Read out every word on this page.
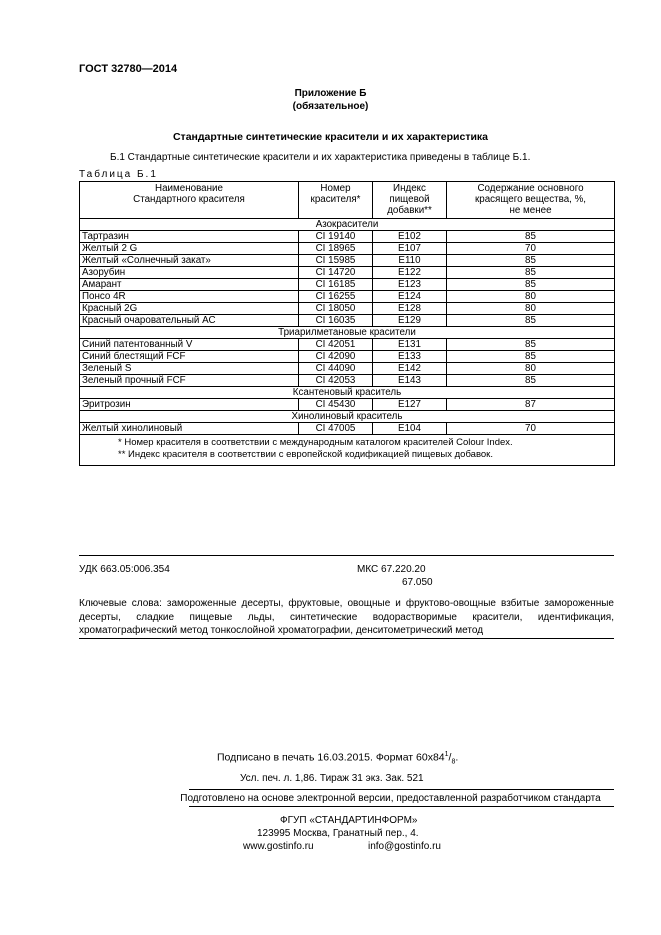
ГОСТ 32780—2014
Приложение Б
(обязательное)
Стандартные синтетические красители и их характеристика
Б.1 Стандартные синтетические красители и их характеристика приведены в таблице Б.1.
Таблица Б.1
Наименование Стандартного красителя	Номер красителя*	Индекс пищевой добавки**	Содержание основного красящего вещества, %, не менее
Азокрасители			
Тартразин	CI 19140	E102	85
Желтый 2 G	CI 18965	E107	70
Желтый «Солнечный закат»	CI 15985	E110	85
Азорубин	CI 14720	E122	85
Амарант	CI 16185	E123	85
Понсо 4R	CI 16255	E124	80
Красный 2G	CI 18050	E128	80
Красный очаровательный АС	CI 16035	E129	85
Триарилметановые красители			
Синий патентованный V	CI 42051	E131	85
Синий блестящий FCF	CI 42090	E133	85
Зеленый S	CI 44090	E142	80
Зеленый прочный FCF	CI 42053	E143	85
Ксантеновый краситель			
Эритрозин	CI 45430	E127	87
Хинолиновый краситель			
Желтый хинолиновый	CI 47005	E104	70

* Номер красителя в соответствии с международным каталогом красителей Colour Index.
** Индекс красителя в соответствии с европейской кодификацией пищевых добавок.			
УДК 663.05:006.354	МКС 67.220.20
67.050
Ключевые слова: замороженные десерты, фруктовые, овощные и фруктово-овощные взбитые замороженные десерты, сладкие пищевые льды, синтетические водорастворимые красители, идентификация, хроматографический метод тонкослойной хроматографии, денситометрический метод
Подписано в печать 16.03.2015. Формат $60х84^1/_8$.
Усл. печ. л. 1,86. Тираж 31 экз. Зак. 521
Подготовлено на основе электронной версии, предоставленной разработчиком стандарта
ФГУП «СТАНДАРТИНФОРМ»
123995 Москва, Гранатный пер., 4.
www.gostinfo.ru	info@gostinfo.ru
